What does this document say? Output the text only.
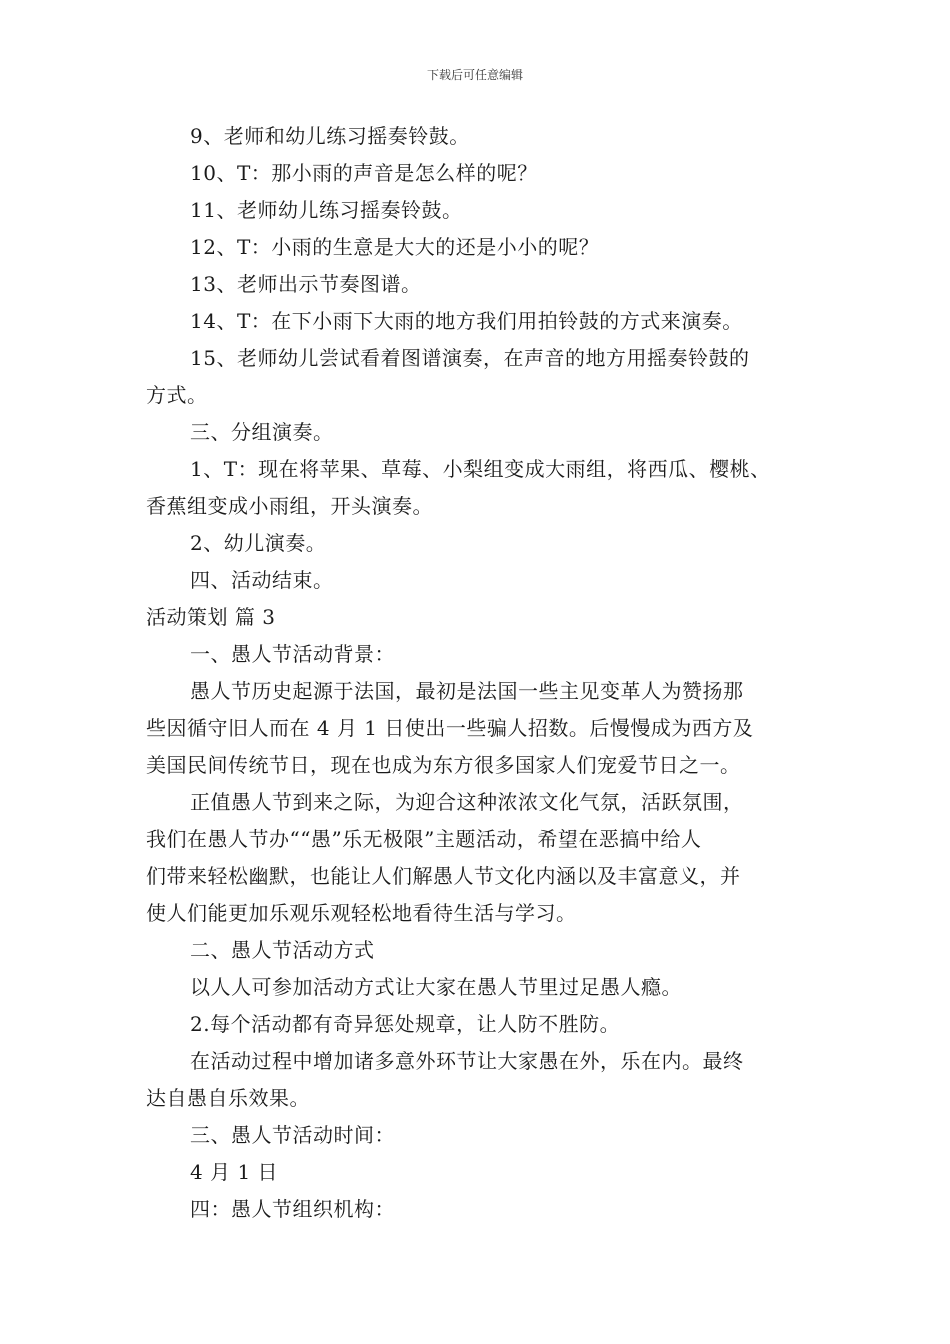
下载后可任意编辑
9、老师和幼儿练习摇奏铃鼓。
10、T：那小雨的声音是怎么样的呢？
11、老师幼儿练习摇奏铃鼓。
12、T：小雨的生意是大大的还是小小的呢？
13、老师出示节奏图谱。
14、T：在下小雨下大雨的地方我们用拍铃鼓的方式来演奏。
15、老师幼儿尝试看着图谱演奏，在声音的地方用摇奏铃鼓的
方式。
三、分组演奏。
1、T：现在将苹果、草莓、小梨组变成大雨组，将西瓜、樱桃、
香蕉组变成小雨组，开头演奏。
2、幼儿演奏。
四、活动结束。
活动策划 篇 3
一、愚人节活动背景：
愚人节历史起源于法国，最初是法国一些主见变革人为赞扬那
些因循守旧人而在 4 月 1 日使出一些骗人招数。后慢慢成为西方及
美国民间传统节日，现在也成为东方很多国家人们宠爱节日之一。
正值愚人节到来之际，为迎合这种浓浓文化气氛，活跃氛围，
我们在愚人节办““愚”乐无极限”主题活动，希望在恶搞中给人
们带来轻松幽默，也能让人们解愚人节文化内涵以及丰富意义，并
使人们能更加乐观乐观轻松地看待生活与学习。
二、愚人节活动方式
以人人可参加活动方式让大家在愚人节里过足愚人瘾。
2.每个活动都有奇异惩处规章，让人防不胜防。
在活动过程中增加诸多意外环节让大家愚在外，乐在内。最终
达自愚自乐效果。
三、愚人节活动时间：
4 月 1 日
四：愚人节组织机构：
